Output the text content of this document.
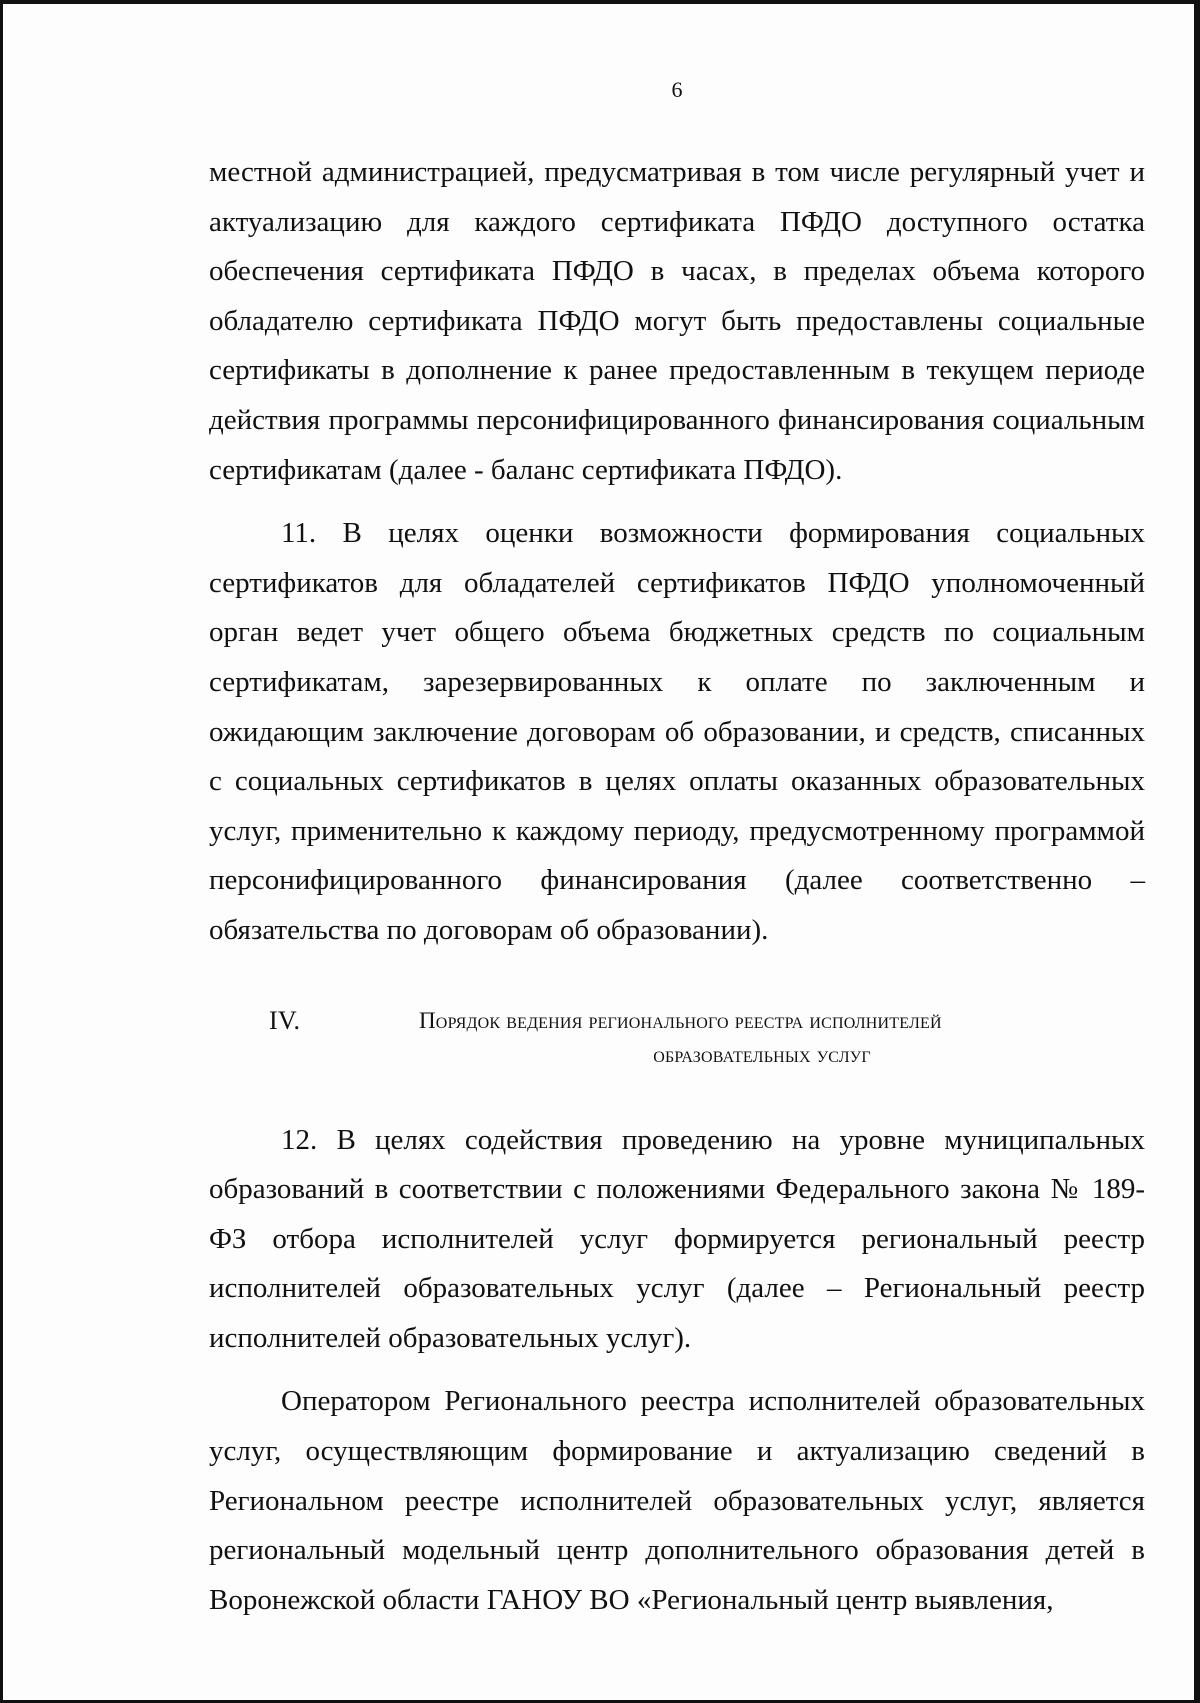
6

местной администрацией, предусматривая в том числе регулярный учет и актуализацию для каждого сертификата ПФДО доступного остатка обеспечения сертификата ПФДО в часах, в пределах объема которого обладателю сертификата ПФДО могут быть предоставлены социальные сертификаты в дополнение к ранее предоставленным в текущем периоде действия программы персонифицированного финансирования социальным сертификатам (далее - баланс сертификата ПФДО).

11. В целях оценки возможности формирования социальных сертификатов для обладателей сертификатов ПФДО уполномоченный орган ведет учет общего объема бюджетных средств по социальным сертификатам, зарезервированных к оплате по заключенным и ожидающим заключение договорам об образовании, и средств, списанных с социальных сертификатов в целях оплаты оказанных образовательных услуг, применительно к каждому периоду, предусмотренному программой персонифицированного финансирования (далее соответственно – обязательства по договорам об образовании).

IV.	Порядок ведения регионального реестра исполнителей
образовательных услуг

12. В целях содействия проведению на уровне муниципальных образований в соответствии с положениями Федерального закона № 189-ФЗ отбора исполнителей услуг формируется региональный реестр исполнителей образовательных услуг (далее – Региональный реестр исполнителей образовательных услуг).

Оператором Регионального реестра исполнителей образовательных услуг, осуществляющим формирование и актуализацию сведений в Региональном реестре исполнителей образовательных услуг, является региональный модельный центр дополнительного образования детей в Воронежской области ГАНОУ ВО «Региональный центр выявления,
